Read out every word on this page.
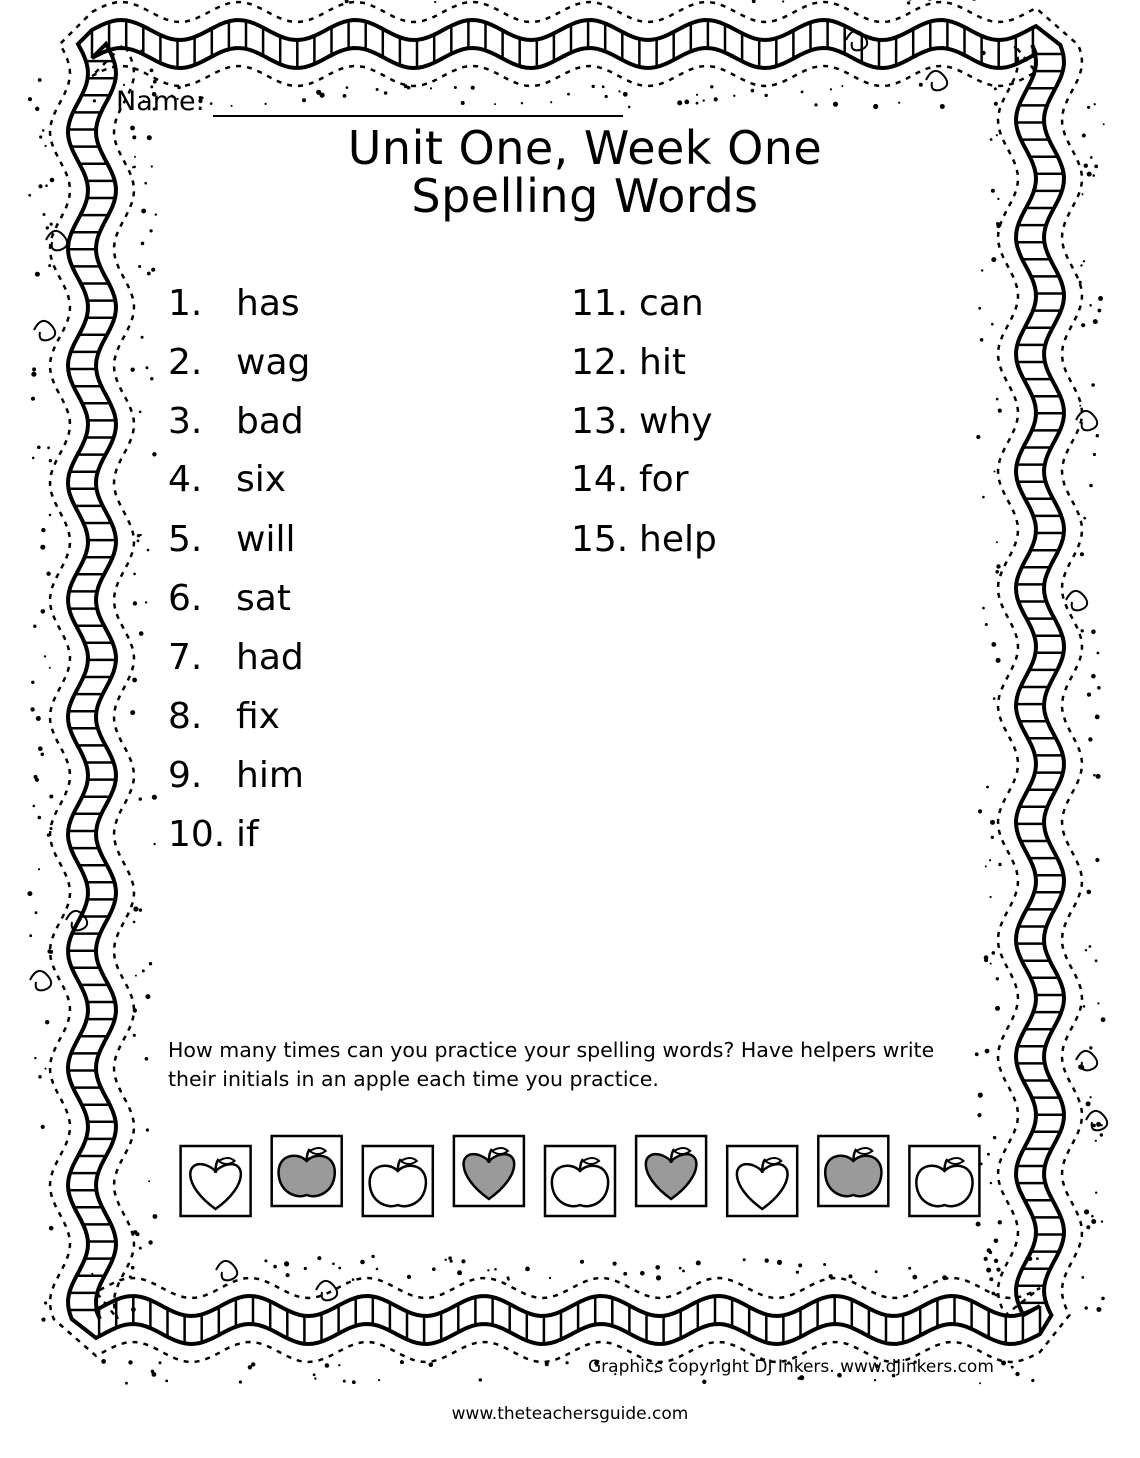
Name:
Unit One, Week One
Spelling Words
1. has
2. wag
3. bad
4. six
5. will
6. sat
7. had
8. fix
9. him
10. if
11. can
12. hit
13. why
14. for
15. help
How many times can you practice your spelling words? Have helpers write
their initials in an apple each time you practice.
Graphics copyright DJ Inkers. www.djinkers.com
www.theteachersguide.com
